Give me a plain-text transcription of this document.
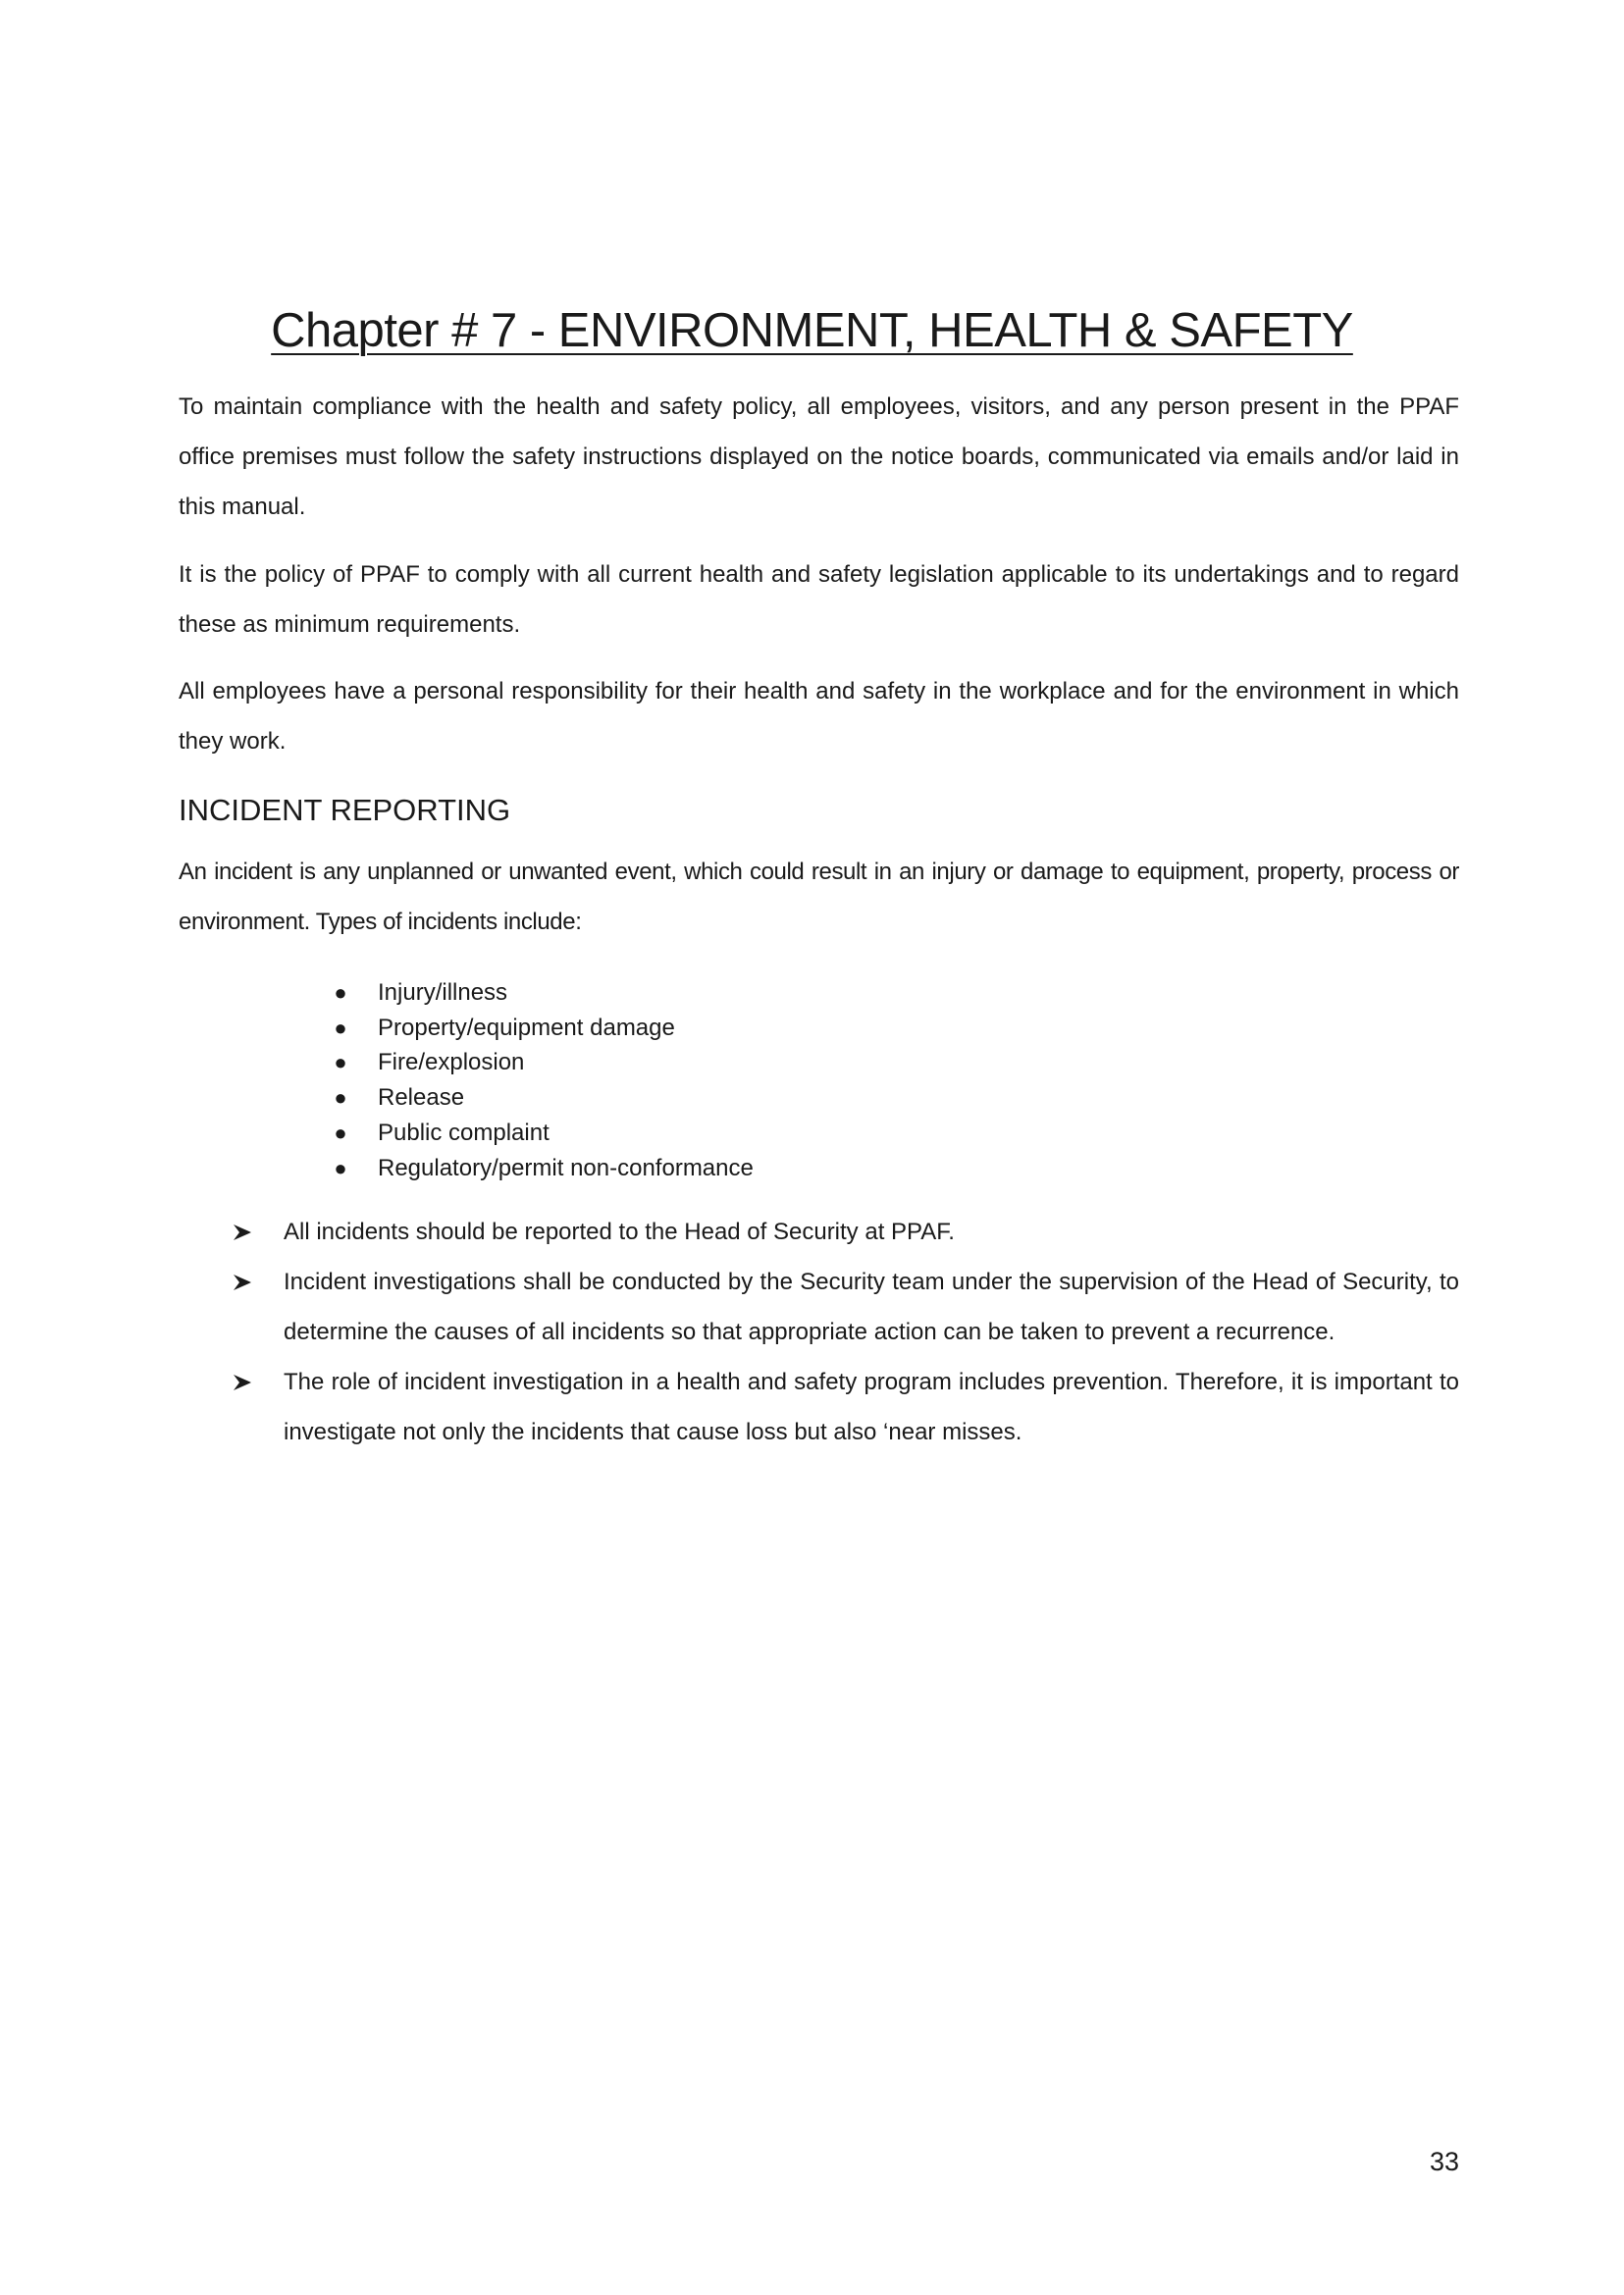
Chapter # 7 - ENVIRONMENT, HEALTH & SAFETY

To maintain compliance with the health and safety policy, all employees, visitors, and any person present in the PPAF office premises must follow the safety instructions displayed on the notice boards, communicated via emails and/or laid in this manual.

It is the policy of PPAF to comply with all current health and safety legislation applicable to its undertakings and to regard these as minimum requirements.

All employees have a personal responsibility for their health and safety in the workplace and for the environment in which they work.

INCIDENT REPORTING

An incident is any unplanned or unwanted event, which could result in an injury or damage to equipment, property, process or environment. Types of incidents include:

● Injury/illness
● Property/equipment damage
● Fire/explosion
● Release
● Public complaint
● Regulatory/permit non-conformance
All incidents should be reported to the Head of Security at PPAF.
Incident investigations shall be conducted by the Security team under the supervision of the Head of Security, to determine the causes of all incidents so that appropriate action can be taken to prevent a recurrence.
The role of incident investigation in a health and safety program includes prevention. Therefore, it is important to investigate not only the incidents that cause loss but also ‘near misses.

33
